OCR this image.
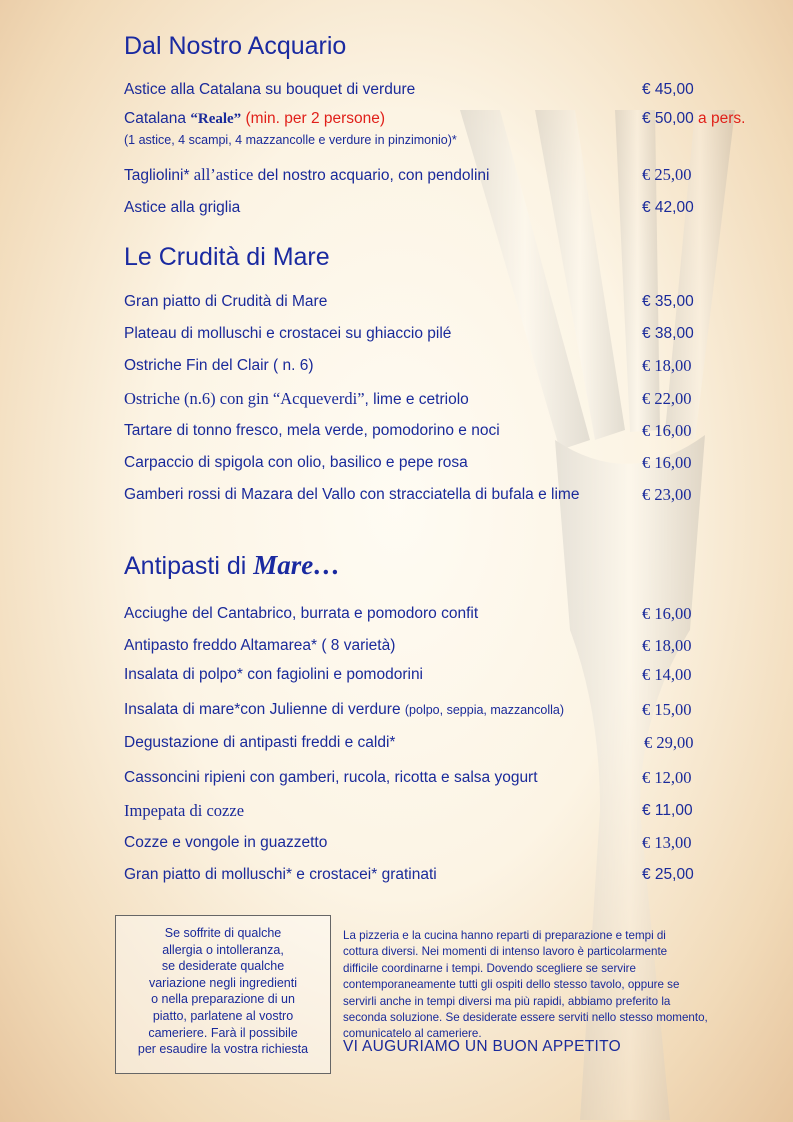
Dal Nostro Acquario
Astice alla Catalana su bouquet di verdure	€ 45,00
Catalana “Reale” (min. per 2 persone)	€ 50,00 a pers.
(1 astice, 4 scampi, 4 mazzancolle e verdure in pinzimonio)*
Tagliolini* all’astice del nostro acquario, con pendolini	€ 25,00
Astice alla griglia	€ 42,00
Le Crudità di Mare
Gran piatto di Crudità di Mare	€ 35,00
Plateau di molluschi e crostacei su ghiaccio pilé	€ 38,00
Ostriche Fin del Clair ( n. 6)	€ 18,00
Ostriche (n.6) con gin “Acqueverdi”, lime e cetriolo	€ 22,00
Tartare di tonno fresco, mela verde, pomodorino e noci	€ 16,00
Carpaccio di spigola con olio, basilico e pepe rosa	€ 16,00
Gamberi rossi di Mazara del Vallo con stracciatella di bufala e lime	€ 23,00
Antipasti di Mare…
Acciughe del Cantabrico, burrata e pomodoro confit	€ 16,00
Antipasto freddo Altamarea* ( 8 varietà)	€ 18,00
Insalata di polpo* con fagiolini e pomodorini	€ 14,00
Insalata di mare*con Julienne di verdure (polpo, seppia, mazzancolla)	€ 15,00
Degustazione di antipasti freddi e caldi*	€ 29,00
Cassoncini ripieni con gamberi, rucola, ricotta e salsa yogurt	€ 12,00
Impepata di cozze	€ 11,00
Cozze e vongole in guazzetto	€ 13,00
Gran piatto di molluschi* e crostacei* gratinati	€ 25,00
Se soffrite di qualche
allergia o intolleranza,
se desiderate qualche
variazione negli ingredienti
o nella preparazione di un
piatto, parlatene al vostro
cameriere. Farà il possibile
per esaudire la vostra richiesta
La pizzeria e la cucina hanno reparti di preparazione e tempi di
cottura diversi. Nei momenti di intenso lavoro è particolarmente
difficile coordinarne i tempi. Dovendo scegliere se servire
contemporaneamente tutti gli ospiti dello stesso tavolo, oppure se
servirli anche in tempi diversi ma più rapidi, abbiamo preferito la
seconda soluzione. Se desiderate essere serviti nello stesso momento,
comunicatelo al cameriere.
VI AUGURIAMO UN BUON APPETITO
